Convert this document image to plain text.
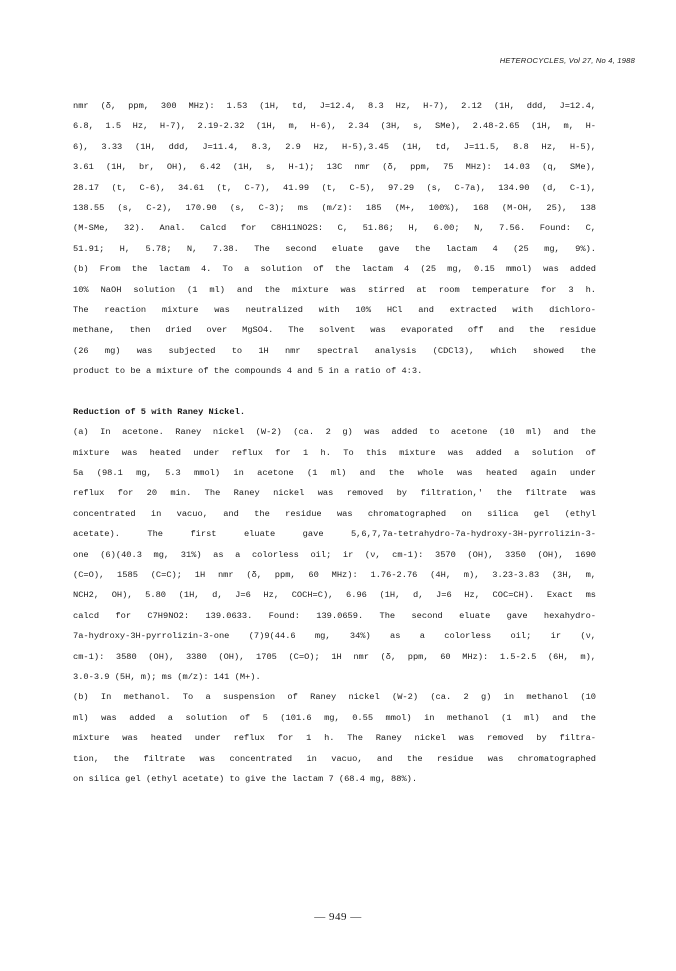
HETEROCYCLES, Vol 27, No 4, 1988
nmr (δ, ppm, 300 MHz): 1.53 (1H, td, J=12.4, 8.3 Hz, H-7), 2.12 (1H, ddd, J=12.4,
6.8, 1.5 Hz, H-7), 2.19-2.32 (1H, m, H-6), 2.34 (3H, s, SMe), 2.48-2.65 (1H, m, H-
6), 3.33 (1H, ddd, J=11.4, 8.3, 2.9 Hz, H-5),3.45 (1H, td, J=11.5, 8.8 Hz, H-5),
3.61 (1H, br, OH), 6.42 (1H, s, H-1); 13C nmr (δ, ppm, 75 MHz): 14.03 (q, SMe),
28.17 (t, C-6), 34.61 (t, C-7), 41.99 (t, C-5), 97.29 (s, C-7a), 134.90 (d, C-1),
138.55 (s, C-2), 170.90 (s, C-3); ms (m/z): 185 (M+, 100%), 168 (M-OH, 25), 138
(M-SMe, 32). Anal. Calcd for C8H11NO2S: C, 51.86; H, 6.00; N, 7.56. Found: C,
51.91; H, 5.78; N, 7.38. The second eluate gave the lactam 4 (25 mg, 9%).
(b) From the lactam 4. To a solution of the lactam 4 (25 mg, 0.15 mmol) was added
10% NaOH solution (1 ml) and the mixture was stirred at room temperature for 3 h.
The reaction mixture was neutralized with 10% HCl and extracted with dichloro-
methane, then dried over MgSO4. The solvent was evaporated off and the residue
(26 mg) was subjected to 1H nmr spectral analysis (CDCl3), which showed the
product to be a mixture of the compounds 4 and 5 in a ratio of 4:3.
Reduction of 5 with Raney Nickel.
(a) In acetone. Raney nickel (W-2) (ca. 2 g) was added to acetone (10 ml) and the
mixture was heated under reflux for 1 h. To this mixture was added a solution of
5a (98.1 mg, 5.3 mmol) in acetone (1 ml) and the whole was heated again under
reflux for 20 min. The Raney nickel was removed by filtration,' the filtrate was
concentrated in vacuo, and the residue was chromatographed on silica gel (ethyl
acetate). The first eluate gave 5,6,7,7a-tetrahydro-7a-hydroxy-3H-pyrrolizin-3-
one (6)(40.3 mg, 31%) as a colorless oil; ir (ν, cm-1): 3570 (OH), 3350 (OH), 1690
(C=O), 1585 (C=C); 1H nmr (δ, ppm, 60 MHz): 1.76-2.76 (4H, m), 3.23-3.83 (3H, m,
NCH2, OH), 5.80 (1H, d, J=6 Hz, COCH=C), 6.96 (1H, d, J=6 Hz, COC=CH). Exact ms
calcd for C7H9NO2: 139.0633. Found: 139.0659. The second eluate gave hexahydro-
7a-hydroxy-3H-pyrrolizin-3-one (7)9(44.6 mg, 34%) as a colorless oil; ir (ν,
cm-1): 3580 (OH), 3380 (OH), 1705 (C=O); 1H nmr (δ, ppm, 60 MHz): 1.5-2.5 (6H, m),
3.0-3.9 (5H, m); ms (m/z): 141 (M+).
(b) In methanol. To a suspension of Raney nickel (W-2) (ca. 2 g) in methanol (10
ml) was added a solution of 5 (101.6 mg, 0.55 mmol) in methanol (1 ml) and the
mixture was heated under reflux for 1 h. The Raney nickel was removed by filtra-
tion, the filtrate was concentrated in vacuo, and the residue was chromatographed
on silica gel (ethyl acetate) to give the lactam 7 (68.4 mg, 88%).
— 949 —
